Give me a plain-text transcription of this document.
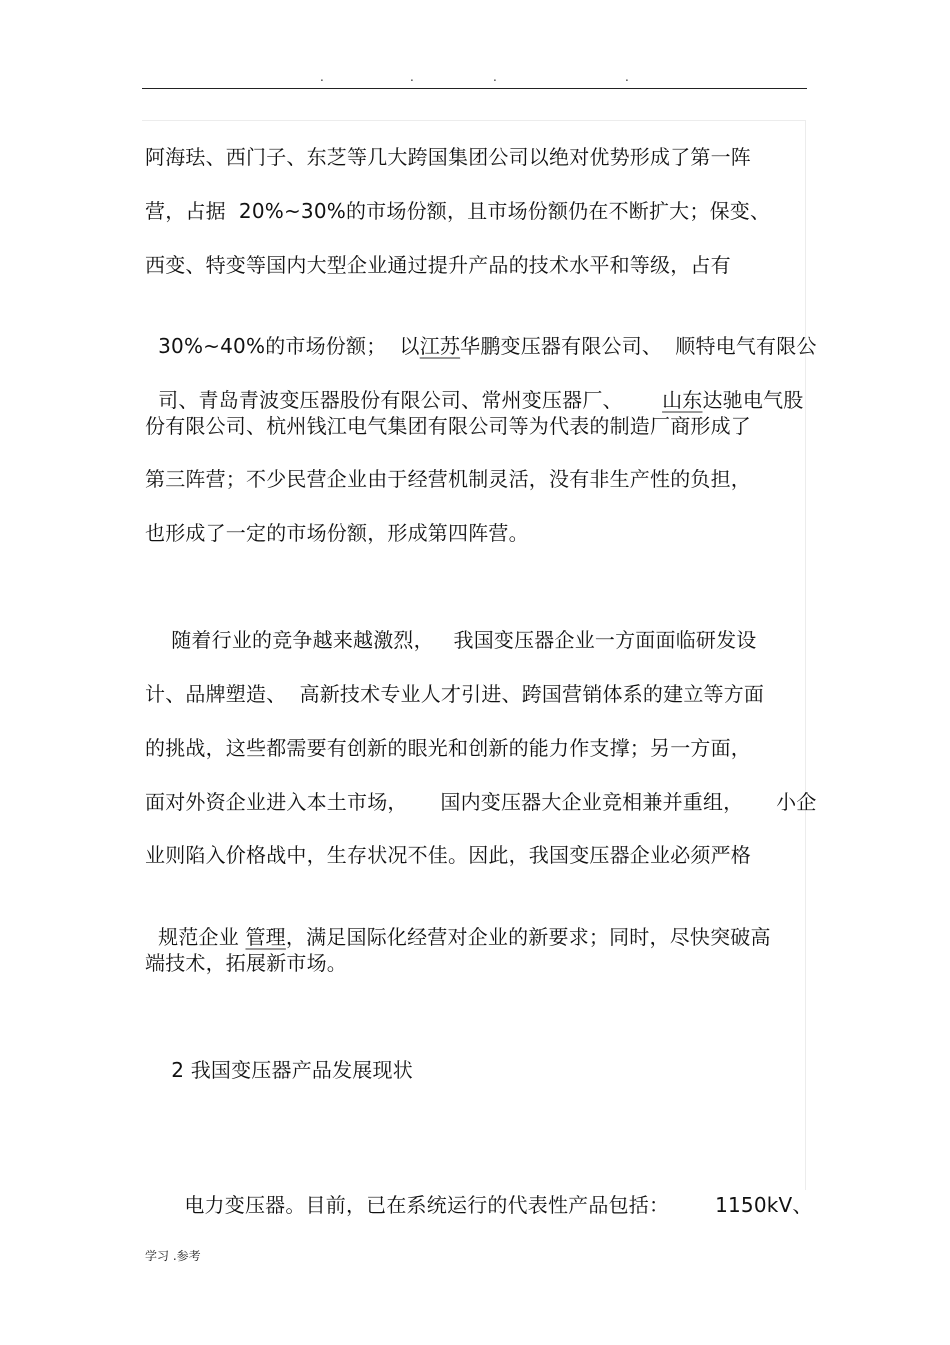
.	.	.	.
阿海珐、西门子、东芝等几大跨国集团公司以绝对优势形成了第一阵
营，占据  20%~30%的市场份额，且市场份额仍在不断扩大；保变、
西变、特变等国内大型企业通过提升产品的技术水平和等级，占有

30%~40%的市场份额；  以江苏华鹏变压器有限公司、  顺特电气有限公

司、青岛青波变压器股份有限公司、常州变压器厂、      山东达驰电气股

份有限公司、杭州钱江电气集团有限公司等为代表的制造厂商形成了
第三阵营；不少民营企业由于经营机制灵活，没有非生产性的负担，
也形成了一定的市场份额，形成第四阵营。
随着行业的竞争越来越激烈，   我国变压器企业一方面面临研发设
计、品牌塑造、  高新技术专业人才引进、跨国营销体系的建立等方面
的挑战，这些都需要有创新的眼光和创新的能力作支撑；另一方面，
面对外资企业进入本土市场，     国内变压器大企业竞相兼并重组，     小企
业则陷入价格战中，生存状况不佳。因此，我国变压器企业必须严格

规范企业 管理，满足国际化经营对企业的新要求；同时，尽快突破高

端技术，拓展新市场。
2 我国变压器产品发展现状

电力变压器。目前，已在系统运行的代表性产品包括：       1150kV、

学习 .参考
